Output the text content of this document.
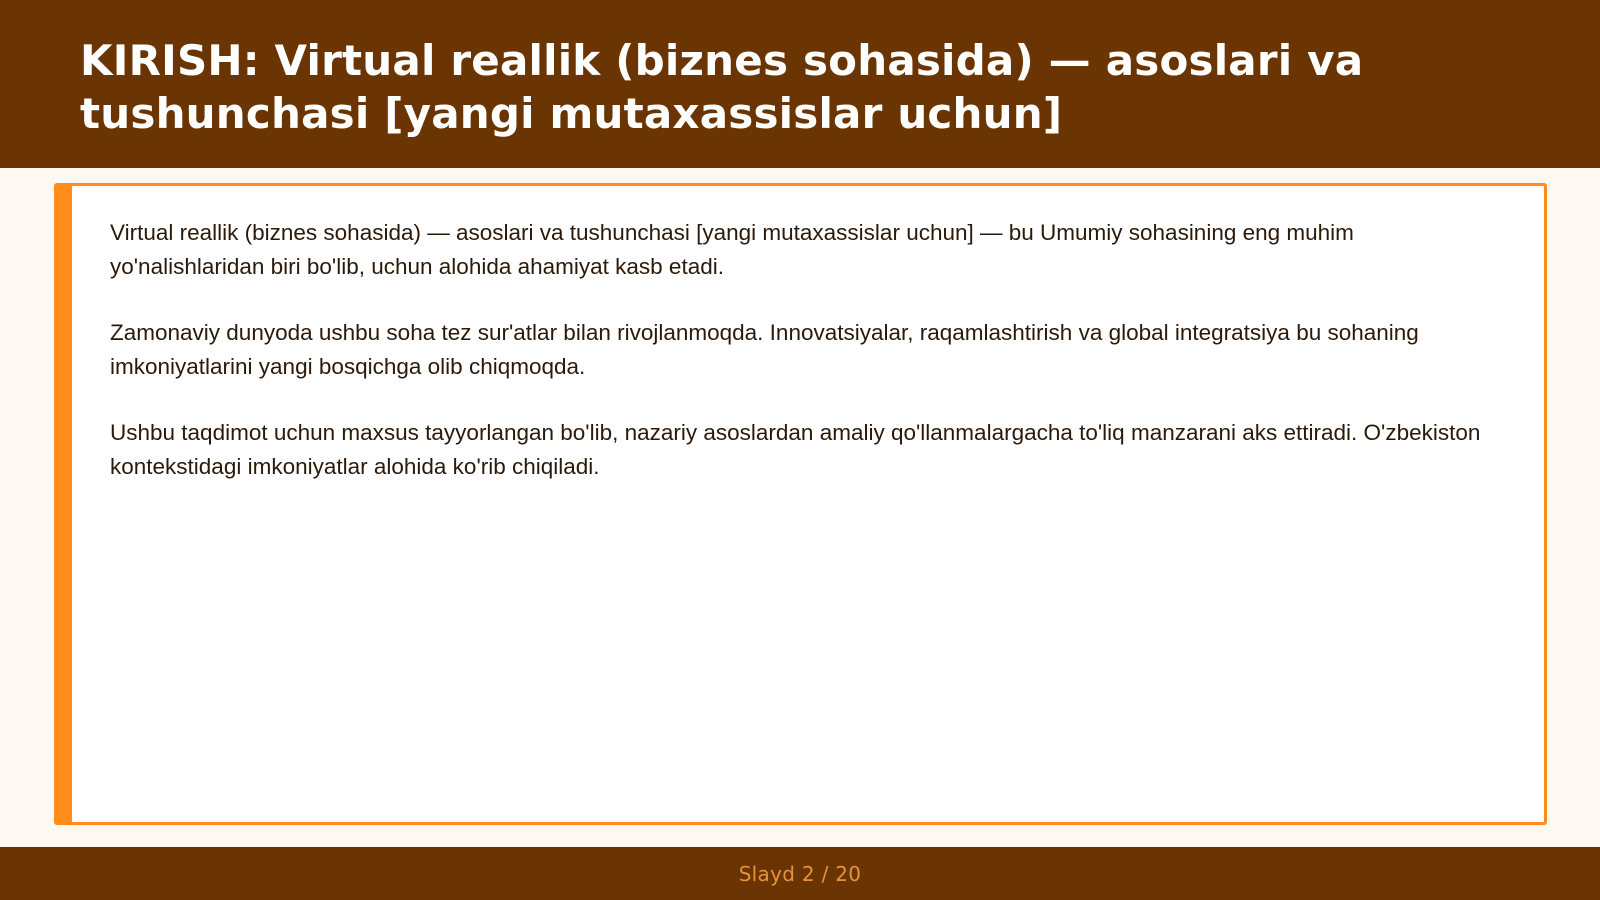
KIRISH: Virtual reallik (biznes sohasida) — asoslari va tushunchasi [yangi mutaxassislar uchun]

Virtual reallik (biznes sohasida) — asoslari va tushunchasi [yangi mutaxassislar uchun] — bu Umumiy sohasining eng muhim yo'nalishlaridan biri bo'lib, uchun alohida ahamiyat kasb etadi.

Zamonaviy dunyoda ushbu soha tez sur'atlar bilan rivojlanmoqda. Innovatsiyalar, raqamlashtirish va global integratsiya bu sohaning imkoniyatlarini yangi bosqichga olib chiqmoqda.

Ushbu taqdimot uchun maxsus tayyorlangan bo'lib, nazariy asoslardan amaliy qo'llanmalargacha to'liq manzarani aks ettiradi. O'zbekiston kontekstidagi imkoniyatlar alohida ko'rib chiqiladi.

Slayd 2 / 20
